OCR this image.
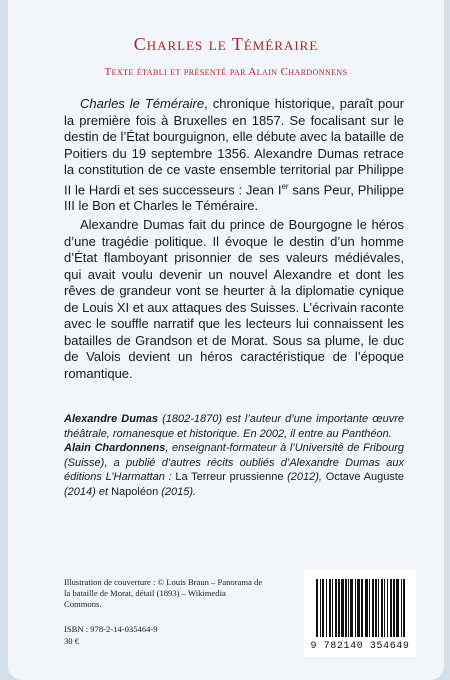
Charles le Téméraire
Texte établi et présenté par Alain Chardonnens

Charles le Téméraire, chronique historique, paraît pour la première fois à Bruxelles en 1857. Se focalisant sur le destin de l’État bourguignon, elle débute avec la bataille de Poitiers du 19 septembre 1356. Alexandre Dumas retrace la constitution de ce vaste ensemble territorial par Philippe II le Hardi et ses successeurs : Jean Ier sans Peur, Philippe III le Bon et Charles le Téméraire.

Alexandre Dumas fait du prince de Bourgogne le héros d’une tragédie politique. Il évoque le destin d’un homme d’État flamboyant prisonnier de ses valeurs médiévales, qui avait voulu devenir un nouvel Alexandre et dont les rêves de grandeur vont se heurter à la diplomatie cynique de Louis XI et aux attaques des Suisses. L’écrivain raconte avec le souffle narratif que les lecteurs lui connaissent les batailles de Grandson et de Morat. Sous sa plume, le duc de Valois devient un héros caractéristique de l’époque romantique.

Alexandre Dumas (1802-1870) est l’auteur d’une importante œuvre théâtrale, romanesque et historique. En 2002, il entre au Panthéon.
Alain Chardonnens, enseignant-formateur à l’Université de Fribourg (Suisse), a publié d’autres récits oubliés d’Alexandre Dumas aux éditions L’Harmattan : La Terreur prussienne (2012), Octave Auguste (2014) et Napoléon (2015).
Illustration de couverture : © Louis Braun – Panorama de la bataille de Morat, détail (1893) – Wikimedia Commons.
ISBN : 978-2-14-035464-9
30 €	9 782140 354649
